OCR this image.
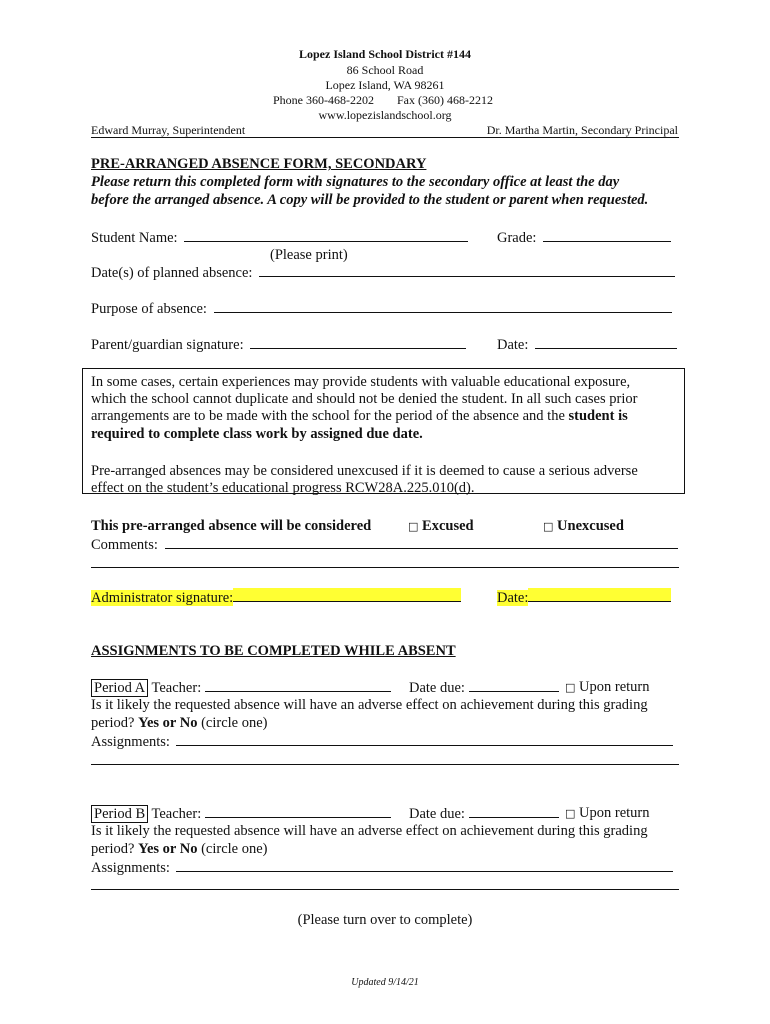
Lopez Island School District #144
86 School Road
Lopez Island, WA 98261
Phone 360-468-2202 Fax (360) 468-2212
www.lopezislandschool.org
Edward Murray, Superintendent	Dr. Martha Martin, Secondary Principal
PRE-ARRANGED ABSENCE FORM, SECONDARY
Please return this completed form with signatures to the secondary office at least the day
before the arranged absence. A copy will be provided to the student or parent when requested.
Student Name:	Grade:
(Please print)
Date(s) of planned absence:
Purpose of absence:
Parent/guardian signature:	Date:
In some cases, certain experiences may provide students with valuable educational exposure,
which the school cannot duplicate and should not be denied the student. In all such cases prior
arrangements are to be made with the school for the period of the absence and the student is
required to complete class work by assigned due date.
Pre-arranged absences may be considered unexcused if it is deemed to cause a serious adverse
effect on the student’s educational progress RCW28A.225.010(d).
This pre-arranged absence will be considered	□ Excused	□ Unexcused
Comments:
Administrator signature:	Date:
ASSIGNMENTS TO BE COMPLETED WHILE ABSENT
Period A Teacher:	Date due:	□ Upon return
Is it likely the requested absence will have an adverse effect on achievement during this grading
period? Yes or No (circle one)
Assignments:
Period B Teacher:	Date due:	□ Upon return
Is it likely the requested absence will have an adverse effect on achievement during this grading
period? Yes or No (circle one)
Assignments:
(Please turn over to complete)
Updated 9/14/21
